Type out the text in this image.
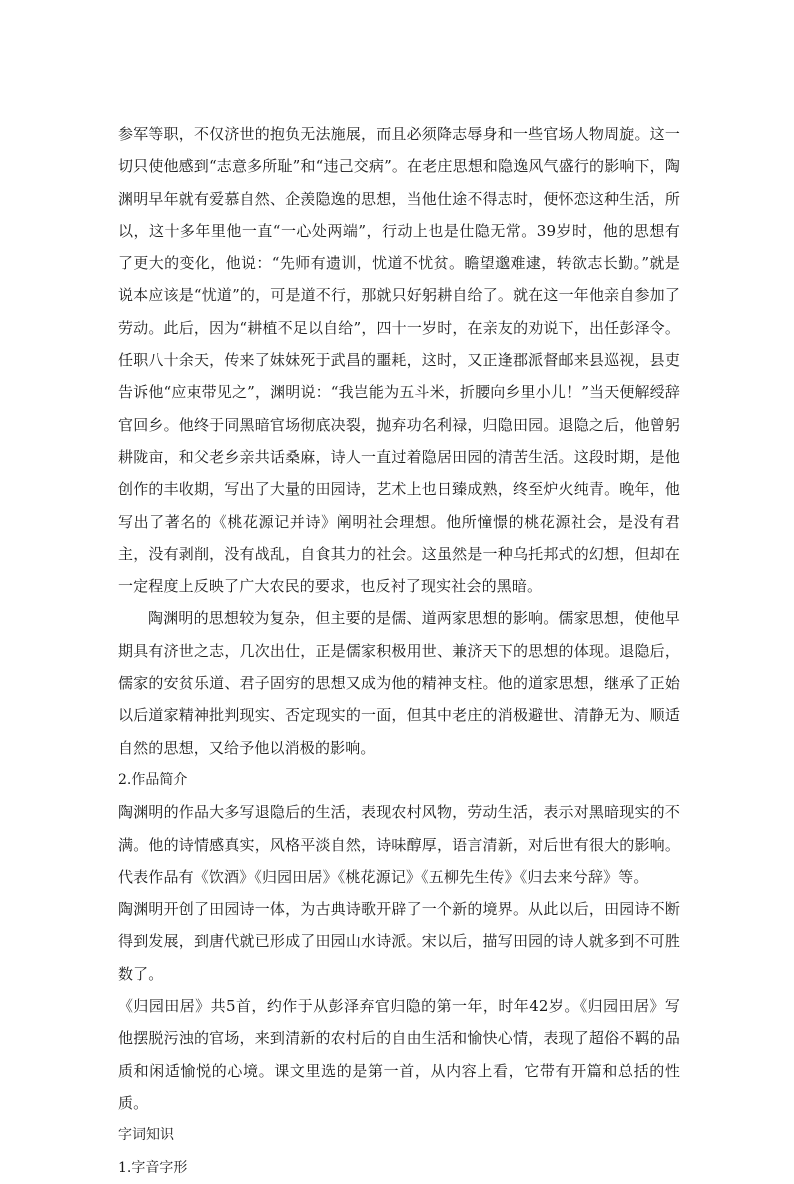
参军等职，不仅济世的抱负无法施展，而且必须降志辱身和一些官场人物周旋。这一切只使他感到“志意多所耻”和“违己交病”。在老庄思想和隐逸风气盛行的影响下，陶渊明早年就有爱慕自然、企羡隐逸的思想，当他仕途不得志时，便怀恋这种生活，所以，这十多年里他一直“一心处两端”，行动上也是仕隐无常。39岁时，他的思想有了更大的变化，他说：“先师有遗训，忧道不忧贫。瞻望邈难逮，转欲志长勤。”就是说本应该是“忧道”的，可是道不行，那就只好躬耕自给了。就在这一年他亲自参加了劳动。此后，因为“耕植不足以自给”，四十一岁时，在亲友的劝说下，出任彭泽令。任职八十余天，传来了妹妹死于武昌的噩耗，这时，又正逢郡派督邮来县巡视，县吏告诉他“应束带见之”，渊明说：“我岂能为五斗米，折腰向乡里小儿！”当天便解绶辞官回乡。他终于同黑暗官场彻底决裂，抛弃功名利禄，归隐田园。退隐之后，他曾躬耕陇亩，和父老乡亲共话桑麻，诗人一直过着隐居田园的清苦生活。这段时期，是他创作的丰收期，写出了大量的田园诗，艺术上也日臻成熟，终至炉火纯青。晚年，他写出了著名的《桃花源记并诗》阐明社会理想。他所憧憬的桃花源社会，是没有君主，没有剥削，没有战乱，自食其力的社会。这虽然是一种乌托邦式的幻想，但却在一定程度上反映了广大农民的要求，也反衬了现实社会的黑暗。

陶渊明的思想较为复杂，但主要的是儒、道两家思想的影响。儒家思想，使他早期具有济世之志，几次出仕，正是儒家积极用世、兼济天下的思想的体现。退隐后，儒家的安贫乐道、君子固穷的思想又成为他的精神支柱。他的道家思想，继承了正始以后道家精神批判现实、否定现实的一面，但其中老庄的消极避世、清静无为、顺适自然的思想，又给予他以消极的影响。

2.作品简介

陶渊明的作品大多写退隐后的生活，表现农村风物，劳动生活，表示对黑暗现实的不满。他的诗情感真实，风格平淡自然，诗味醇厚，语言清新，对后世有很大的影响。代表作品有《饮酒》《归园田居》《桃花源记》《五柳先生传》《归去来兮辞》等。

陶渊明开创了田园诗一体，为古典诗歌开辟了一个新的境界。从此以后，田园诗不断得到发展，到唐代就已形成了田园山水诗派。宋以后，描写田园的诗人就多到不可胜数了。

《归园田居》共5首，约作于从彭泽弃官归隐的第一年，时年42岁。《归园田居》写他摆脱污浊的官场，来到清新的农村后的自由生活和愉快心情，表现了超俗不羁的品质和闲适愉悦的心境。课文里选的是第一首，从内容上看，它带有开篇和总括的性质。

字词知识

1.字音字形
